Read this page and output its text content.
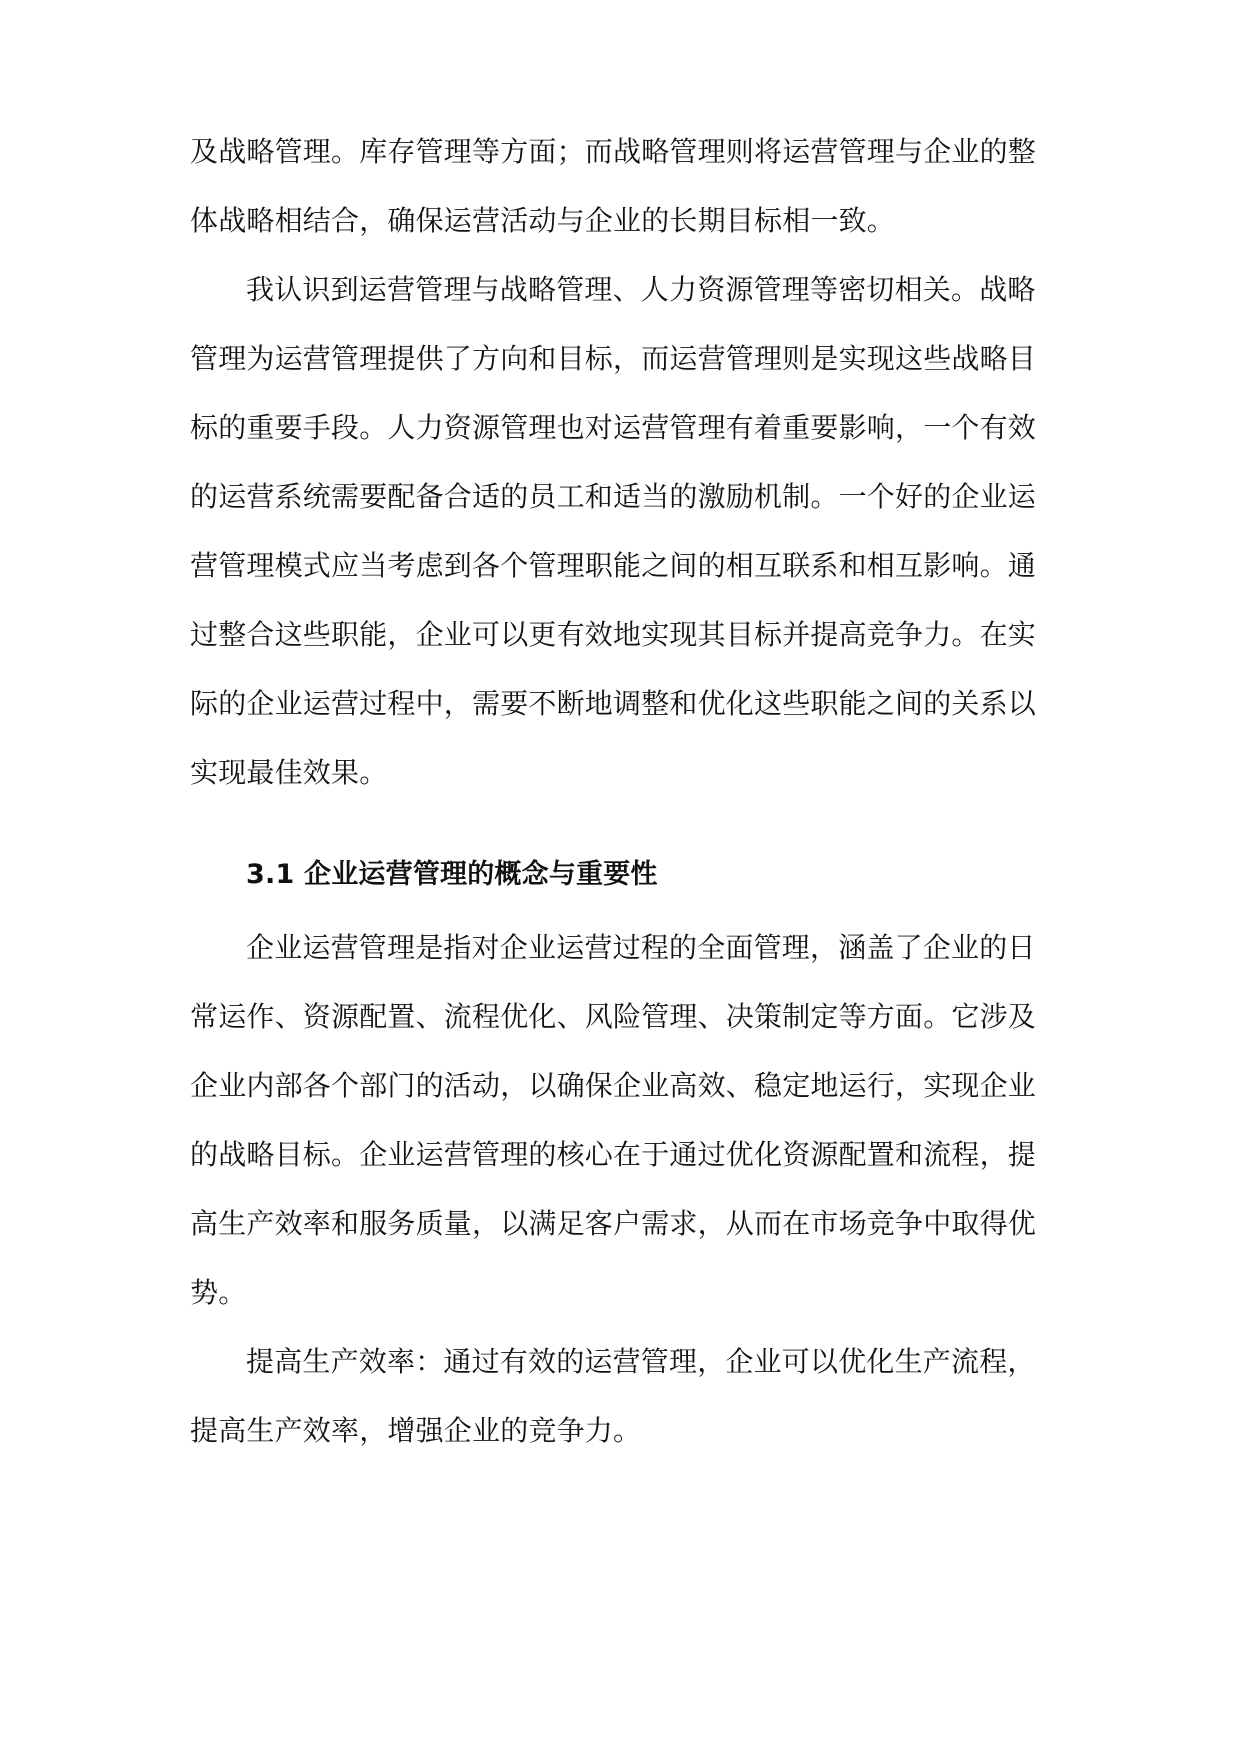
及战略管理。库存管理等方面；而战略管理则将运营管理与企业的整
体战略相结合，确保运营活动与企业的长期目标相一致。
我认识到运营管理与战略管理、人力资源管理等密切相关。战略
管理为运营管理提供了方向和目标，而运营管理则是实现这些战略目
标的重要手段。人力资源管理也对运营管理有着重要影响，一个有效
的运营系统需要配备合适的员工和适当的激励机制。一个好的企业运
营管理模式应当考虑到各个管理职能之间的相互联系和相互影响。通
过整合这些职能，企业可以更有效地实现其目标并提高竞争力。在实
际的企业运营过程中，需要不断地调整和优化这些职能之间的关系以
实现最佳效果。
3.1 企业运营管理的概念与重要性
企业运营管理是指对企业运营过程的全面管理，涵盖了企业的日
常运作、资源配置、流程优化、风险管理、决策制定等方面。它涉及
企业内部各个部门的活动，以确保企业高效、稳定地运行，实现企业
的战略目标。企业运营管理的核心在于通过优化资源配置和流程，提
高生产效率和服务质量，以满足客户需求，从而在市场竞争中取得优
势。
提高生产效率：通过有效的运营管理，企业可以优化生产流程，
提高生产效率，增强企业的竞争力。
